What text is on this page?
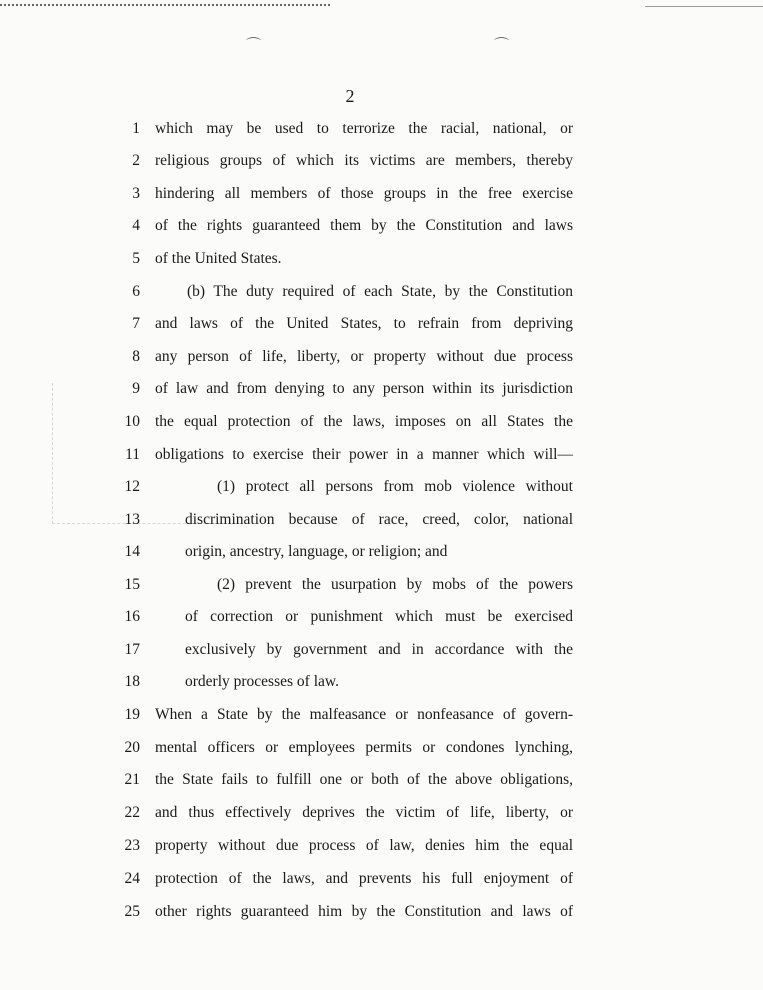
⌒	⌒
2
1 which may be used to terrorize the racial, national, or
2 religious groups of which its victims are members, thereby
3 hindering all members of those groups in the free exercise
4 of the rights guaranteed them by the Constitution and laws
5 of the United States.
6	(b) The duty required of each State, by the Constitution
7 and laws of the United States, to refrain from depriving
8 any person of life, liberty, or property without due process
9 of law and from denying to any person within its jurisdiction
10 the equal protection of the laws, imposes on all States the
11 obligations to exercise their power in a manner which will—
12	(1) protect all persons from mob violence without
13	discrimination because of race, creed, color, national
14	origin, ancestry, language, or religion; and
15	(2) prevent the usurpation by mobs of the powers
16	of correction or punishment which must be exercised
17	exclusively by government and in accordance with the
18	orderly processes of law.
19 When a State by the malfeasance or nonfeasance of govern-
20 mental officers or employees permits or condones lynching,
21 the State fails to fulfill one or both of the above obligations,
22 and thus effectively deprives the victim of life, liberty, or
23 property without due process of law, denies him the equal
24 protection of the laws, and prevents his full enjoyment of
25 other rights guaranteed him by the Constitution and laws of
